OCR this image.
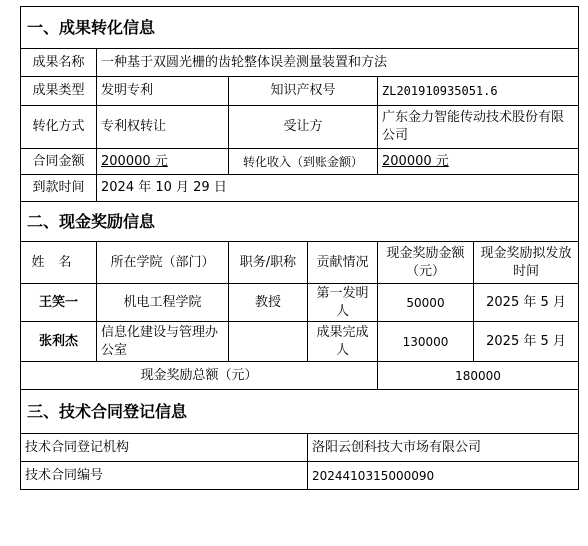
一、成果转化信息					
成果名称	一种基于双圆光栅的齿轮整体误差测量装置和方法				
成果类型	发明专利	知识产权号		ZL201910935051.6	
转化方式	专利权转让	受让方		广东金力智能传动技术股份有限公司	
合同金额	200000 元	转化收入（到账金额）		200000 元	
到款时间	2024 年 10 月 29 日				
二、现金奖励信息					
姓名	所在学院（部门）	职务/职称	贡献情况	现金奖励金额（元）	现金奖励拟发放时间
王笑一	机电工程学院	教授	第一发明人	50000	2025 年 5 月
张利杰	信息化建设与管理办公室		成果完成人	130000	2025 年 5 月
现金奖励总额（元）				180000	
三、技术合同登记信息					
技术合同登记机构			洛阳云创科技大市场有限公司		
技术合同编号			2024410315000090		
